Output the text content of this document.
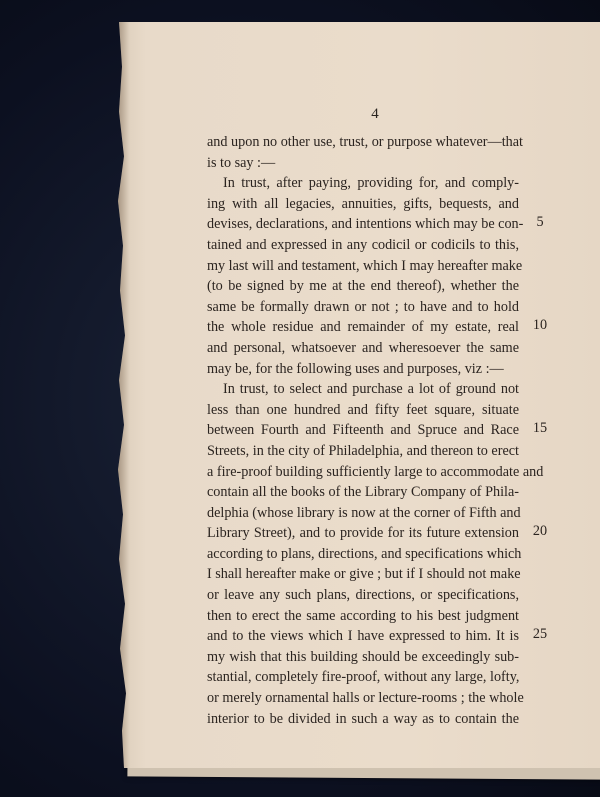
4
and upon no other use, trust, or purpose whatever—that
is to say :—
In trust, after paying, providing for, and comply-
ing with all legacies, annuities, gifts, bequests, and
devises, declarations, and intentions which may be con-
tained and expressed in any codicil or codicils to this,
my last will and testament, which I may hereafter make
(to be signed by me at the end thereof), whether the
same be formally drawn or not ; to have and to hold
the whole residue and remainder of my estate, real
and personal, whatsoever and wheresoever the same
may be, for the following uses and purposes, viz :—
In trust, to select and purchase a lot of ground not
less than one hundred and fifty feet square, situate
between Fourth and Fifteenth and Spruce and Race
Streets, in the city of Philadelphia, and thereon to erect
a fire-proof building sufficiently large to accommodate and
contain all the books of the Library Company of Phila-
delphia (whose library is now at the corner of Fifth and
Library Street), and to provide for its future extension
according to plans, directions, and specifications which
I shall hereafter make or give ; but if I should not make
or leave any such plans, directions, or specifications,
then to erect the same according to his best judgment
and to the views which I have expressed to him. It is
my wish that this building should be exceedingly sub-
stantial, completely fire-proof, without any large, lofty,
or merely ornamental halls or lecture-rooms ; the whole
interior to be divided in such a way as to contain the
5
10
15
20
25
